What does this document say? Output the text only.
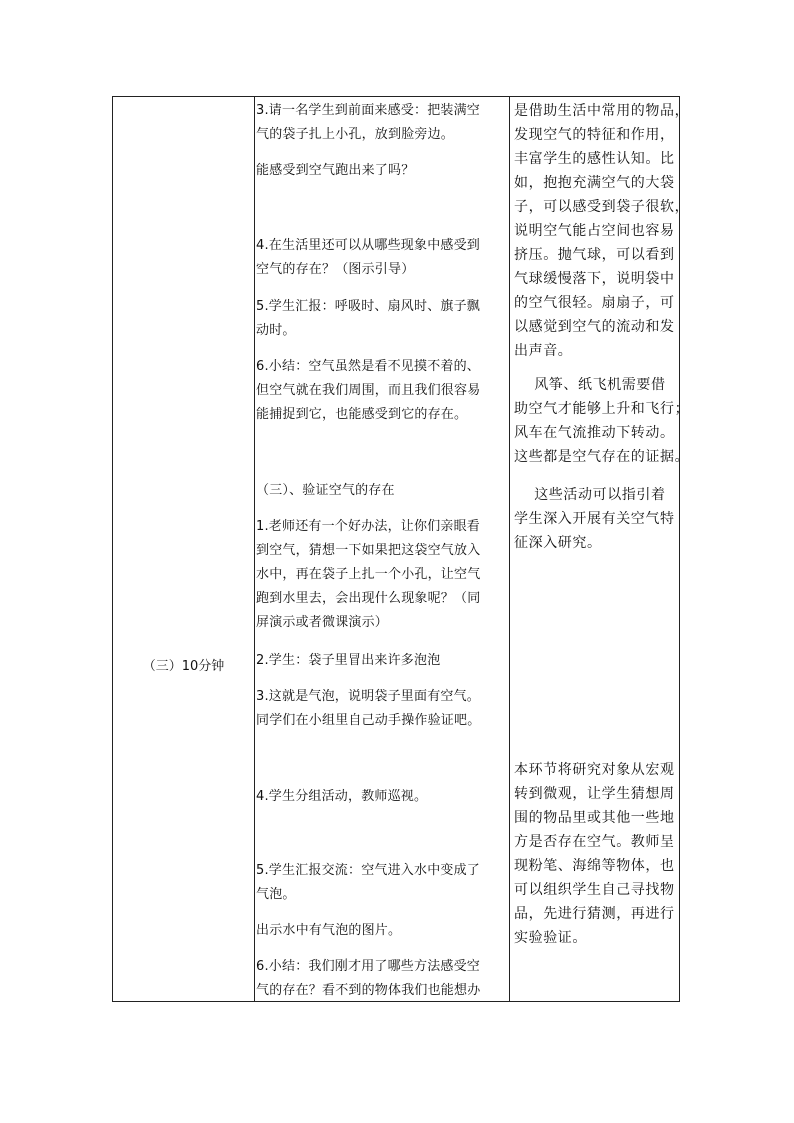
（三）10分钟

3.请一名学生到前面来感受：把装满空
气的袋子扎上小孔，放到脸旁边。

能感受到空气跑出来了吗？

4.在生活里还可以从哪些现象中感受到
空气的存在？（图示引导）

5.学生汇报：呼吸时、扇风时、旗子飘
动时。

6.小结：空气虽然是看不见摸不着的、
但空气就在我们周围，而且我们很容易
能捕捉到它，也能感受到它的存在。

（三）、验证空气的存在

1.老师还有一个好办法，让你们亲眼看
到空气，猜想一下如果把这袋空气放入
水中，再在袋子上扎一个小孔，让空气
跑到水里去，会出现什么现象呢？（同
屏演示或者微课演示）

2.学生：袋子里冒出来许多泡泡

3.这就是气泡，说明袋子里面有空气。
同学们在小组里自己动手操作验证吧。

4.学生分组活动，教师巡视。

5.学生汇报交流：空气进入水中变成了
气泡。

出示水中有气泡的图片。

6.小结：我们刚才用了哪些方法感受空
气的存在？看不到的物体我们也能想办

是借助生活中常用的物品，
发现空气的特征和作用，
丰富学生的感性认知。比
如，抱抱充满空气的大袋
子，可以感受到袋子很软，
说明空气能占空间也容易
挤压。抛气球，可以看到
气球缓慢落下，说明袋中
的空气很轻。扇扇子，可
以感觉到空气的流动和发
出声音。

风筝、纸飞机需要借
助空气才能够上升和飞行；
风车在气流推动下转动。
这些都是空气存在的证据。

这些活动可以指引着
学生深入开展有关空气特
征深入研究。

本环节将研究对象从宏观
转到微观，让学生猜想周
围的物品里或其他一些地
方是否存在空气。教师呈
现粉笔、海绵等物体，也
可以组织学生自己寻找物
品，先进行猜测，再进行
实验验证。
